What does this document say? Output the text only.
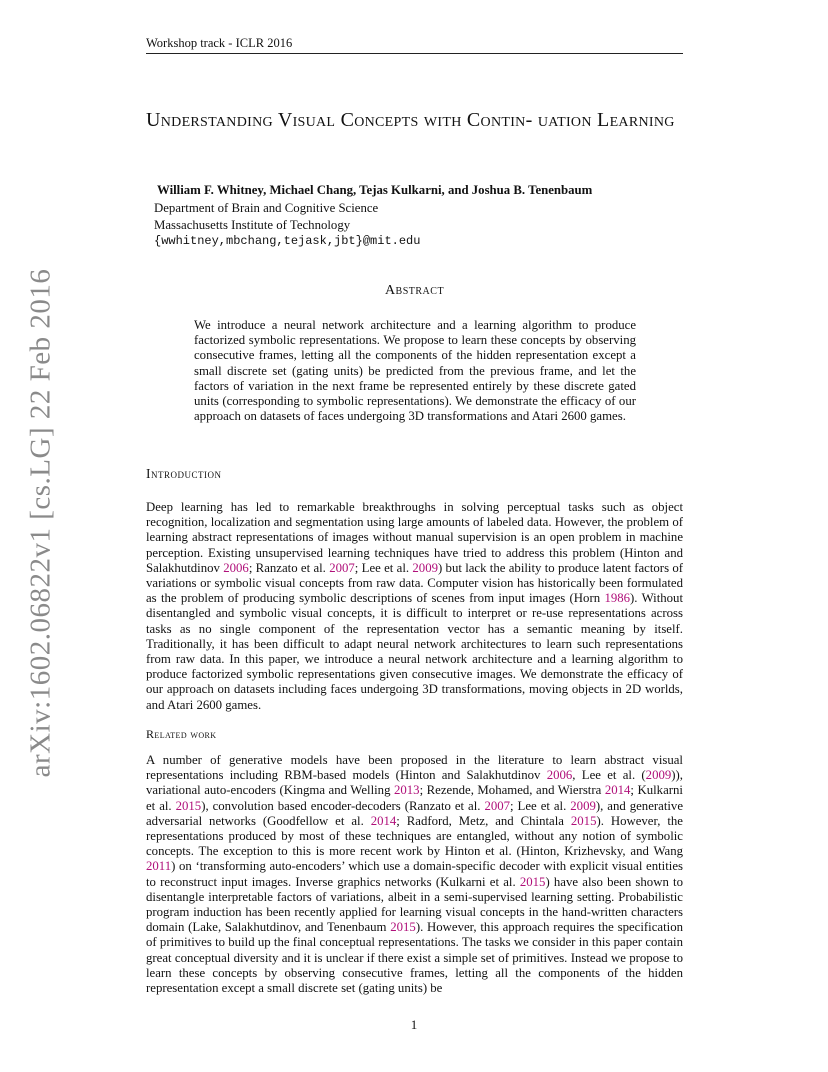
Workshop track - ICLR 2016
arXiv:1602.06822v1 [cs.LG] 22 Feb 2016
Understanding Visual Concepts with Contin- uation Learning
William F. Whitney, Michael Chang, Tejas Kulkarni, and Joshua B. Tenenbaum
Department of Brain and Cognitive Science
Massachusetts Institute of Technology
{wwhitney,mbchang,tejask,jbt}@mit.edu
Abstract

We introduce a neural network architecture and a learning algorithm to produce factorized symbolic representations. We propose to learn these concepts by observing consecutive frames, letting all the components of the hidden representation except a small discrete set (gating units) be predicted from the previous frame, and let the factors of variation in the next frame be represented entirely by these discrete gated units (corresponding to symbolic representations). We demonstrate the efficacy of our approach on datasets of faces undergoing 3D transformations and Atari 2600 games.

Introduction

Deep learning has led to remarkable breakthroughs in solving perceptual tasks such as object recognition, localization and segmentation using large amounts of labeled data. However, the problem of learning abstract representations of images without manual supervision is an open problem in machine perception. Existing unsupervised learning techniques have tried to address this problem (Hinton and Salakhutdinov 2006; Ranzato et al. 2007; Lee et al. 2009) but lack the ability to produce latent factors of variations or symbolic visual concepts from raw data. Computer vision has historically been formulated as the problem of producing symbolic descriptions of scenes from input images (Horn 1986). Without disentangled and symbolic visual concepts, it is difficult to interpret or re-use representations across tasks as no single component of the representation vector has a semantic meaning by itself. Traditionally, it has been difficult to adapt neural network architectures to learn such representations from raw data. In this paper, we introduce a neural network architecture and a learning algorithm to produce factorized symbolic representations given consecutive images. We demonstrate the efficacy of our approach on datasets including faces undergoing 3D transformations, moving objects in 2D worlds, and Atari 2600 games.

Related work

A number of generative models have been proposed in the literature to learn abstract visual representations including RBM-based models (Hinton and Salakhutdinov 2006, Lee et al. (2009)), variational auto-encoders (Kingma and Welling 2013; Rezende, Mohamed, and Wierstra 2014; Kulkarni et al. 2015), convolution based encoder-decoders (Ranzato et al. 2007; Lee et al. 2009), and generative adversarial networks (Goodfellow et al. 2014; Radford, Metz, and Chintala 2015). However, the representations produced by most of these techniques are entangled, without any notion of symbolic concepts. The exception to this is more recent work by Hinton et al. (Hinton, Krizhevsky, and Wang 2011) on ‘transforming auto-encoders’ which use a domain-specific decoder with explicit visual entities to reconstruct input images. Inverse graphics networks (Kulkarni et al. 2015) have also been shown to disentangle interpretable factors of variations, albeit in a semi-supervised learning setting. Probabilistic program induction has been recently applied for learning visual concepts in the hand-written characters domain (Lake, Salakhutdinov, and Tenenbaum 2015). However, this approach requires the specification of primitives to build up the final conceptual representations. The tasks we consider in this paper contain great conceptual diversity and it is unclear if there exist a simple set of primitives. Instead we propose to learn these concepts by observing consecutive frames, letting all the components of the hidden representation except a small discrete set (gating units) be

1
